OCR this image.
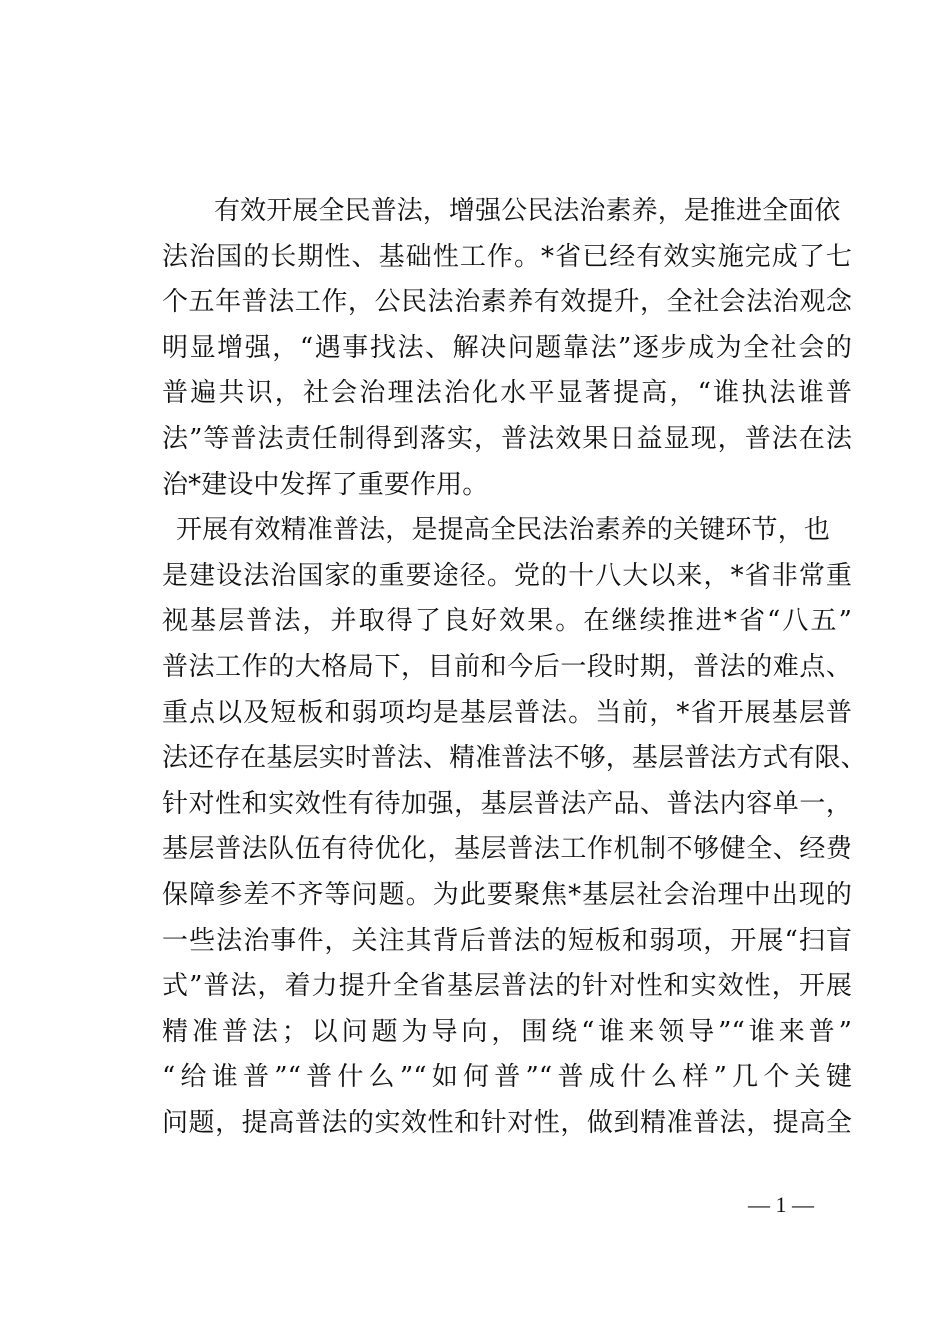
有效开展全民普法，增强公民法治素养，是推进全面依
法治国的长期性、基础性工作。*省已经有效实施完成了七
个五年普法工作，公民法治素养有效提升，全社会法治观念
明显增强，“遇事找法、解决问题靠法”逐步成为全社会的
普遍共识，社会治理法治化水平显著提高，“谁执法谁普
法”等普法责任制得到落实，普法效果日益显现，普法在法
治*建设中发挥了重要作用。
开展有效精准普法，是提高全民法治素养的关键环节，也
是建设法治国家的重要途径。党的十八大以来，*省非常重
视基层普法，并取得了良好效果。在继续推进*省“八五”
普法工作的大格局下，目前和今后一段时期，普法的难点、
重点以及短板和弱项均是基层普法。当前，*省开展基层普
法还存在基层实时普法、精准普法不够，基层普法方式有限、
针对性和实效性有待加强，基层普法产品、普法内容单一，
基层普法队伍有待优化，基层普法工作机制不够健全、经费
保障参差不齐等问题。为此要聚焦*基层社会治理中出现的
一些法治事件，关注其背后普法的短板和弱项，开展“扫盲
式”普法，着力提升全省基层普法的针对性和实效性，开展
精准普法；以问题为导向，围绕“谁来领导”“谁来普”
“给谁普”“普什么”“如何普”“普成什么样”几个关键
问题，提高普法的实效性和针对性，做到精准普法，提高全
— 1 —
